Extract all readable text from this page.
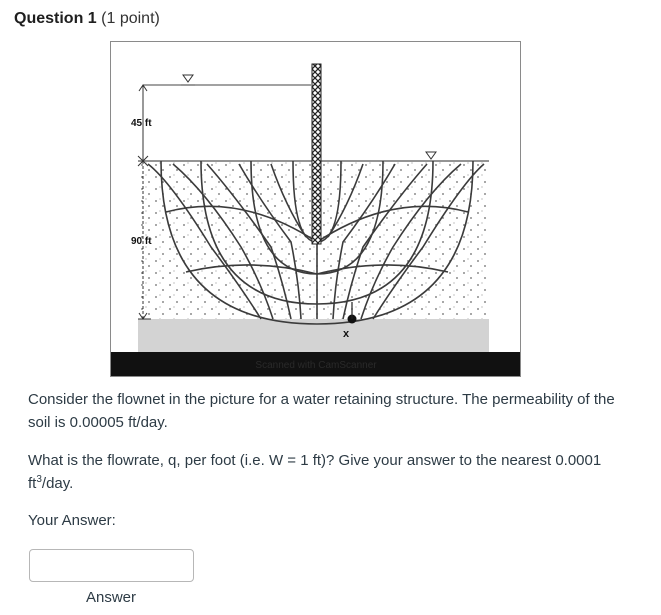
Question 1 (1 point)
Scanned with CamScanner
x
45 ft
90 ft
Consider the flownet in the picture for a water retaining structure. The permeability of the soil is 0.00005 ft/day.
What is the flowrate, q, per foot (i.e. W = 1 ft)? Give your answer to the nearest 0.0001 $ft^3$/day.
Your Answer:
Answer
